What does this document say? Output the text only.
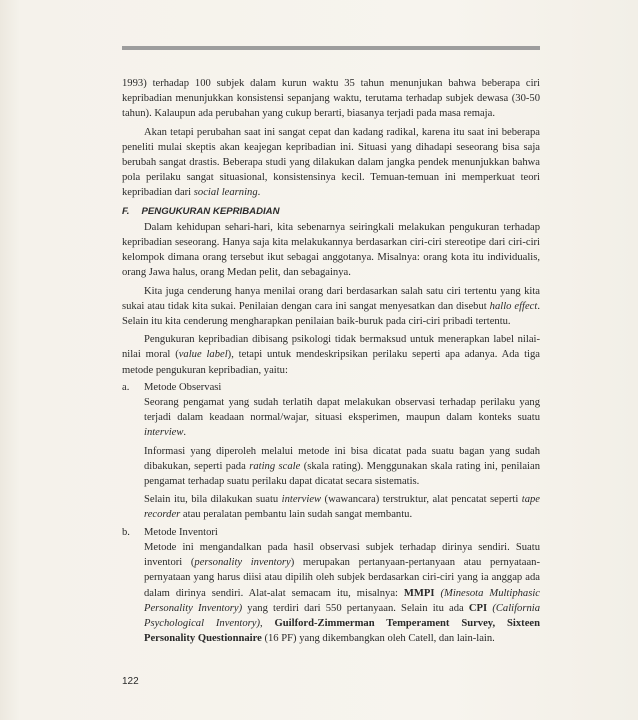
1993) terhadap 100 subjek dalam kurun waktu 35 tahun menunjukan bahwa beberapa ciri kepribadian menunjukkan konsistensi sepanjang waktu, terutama terhadap subjek dewasa (30-50 tahun). Kalaupun ada perubahan yang cukup berarti, biasanya terjadi pada masa remaja.

Akan tetapi perubahan saat ini sangat cepat dan kadang radikal, karena itu saat ini beberapa peneliti mulai skeptis akan keajegan kepribadian ini. Situasi yang dihadapi seseorang bisa saja berubah sangat drastis. Beberapa studi yang dilakukan dalam jangka pendek menunjukkan bahwa pola perilaku sangat situasional, konsistensinya kecil. Temuan-temuan ini memperkuat teori kepribadian dari social learning.

F. PENGUKURAN KEPRIBADIAN

Dalam kehidupan sehari-hari, kita sebenarnya seiringkali melakukan pengukuran terhadap kepribadian seseorang. Hanya saja kita melakukannya berdasarkan ciri-ciri stereotipe dari ciri-ciri kelompok dimana orang tersebut ikut sebagai anggotanya. Misalnya: orang kota itu individualis, orang Jawa halus, orang Medan pelit, dan sebagainya.

Kita juga cenderung hanya menilai orang dari berdasarkan salah satu ciri tertentu yang kita sukai atau tidak kita sukai. Penilaian dengan cara ini sangat menyesatkan dan disebut hallo effect. Selain itu kita cenderung mengharapkan penilaian baik-buruk pada ciri-ciri pribadi tertentu.

Pengukuran kepribadian dibisang psikologi tidak bermaksud untuk menerapkan label nilai-nilai moral (value label), tetapi untuk mendeskripsikan perilaku seperti apa adanya. Ada tiga metode pengukuran kepribadian, yaitu:

a.	Metode Observasi

Seorang pengamat yang sudah terlatih dapat melakukan observasi terhadap perilaku yang terjadi dalam keadaan normal/wajar, situasi eksperimen, maupun dalam konteks suatu interview.

Informasi yang diperoleh melalui metode ini bisa dicatat pada suatu bagan yang sudah dibakukan, seperti pada rating scale (skala rating). Menggunakan skala rating ini, penilaian pengamat terhadap suatu perilaku dapat dicatat secara sistematis.

Selain itu, bila dilakukan suatu interview (wawancara) terstruktur, alat pencatat seperti tape recorder atau peralatan pembantu lain sudah sangat membantu.

b.	Metode Inventori

Metode ini mengandalkan pada hasil observasi subjek terhadap dirinya sendiri. Suatu inventori (personality inventory) merupakan pertanyaan-pertanyaan atau pernyataan-pernyataan yang harus diisi atau dipilih oleh subjek berdasarkan ciri-ciri yang ia anggap ada dalam dirinya sendiri. Alat-alat semacam itu, misalnya: MMPI (Minesota Multiphasic Personality Inventory) yang terdiri dari 550 pertanyaan. Selain itu ada CPI (California Psychological Inventory), Guilford-Zimmerman Temperament Survey, Sixteen Personality Questionnaire (16 PF) yang dikembangkan oleh Catell, dan lain-lain.

122
